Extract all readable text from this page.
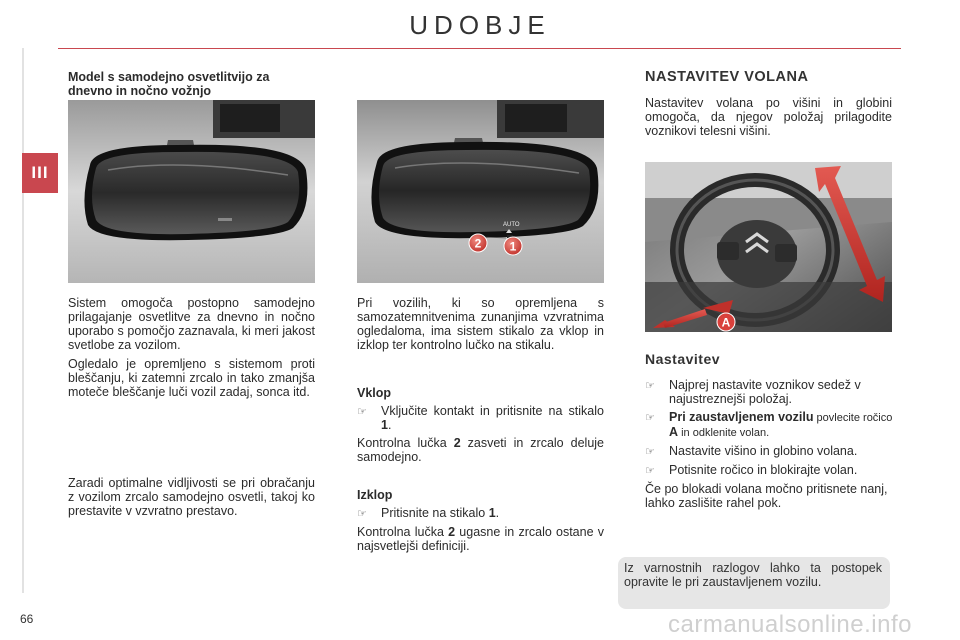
UDOBJE
III
Model s samodejno osvetlitvijo za dnevno in nočno vožnjo

Sistem omogoča postopno samodejno prilagajanje osvetlitve za dnevno in nočno uporabo s pomočjo zaznavala, ki meri jakost svetlobe za vozilom.

Ogledalo je opremljeno s sistemom proti bleščanju, ki zatemni zrcalo in tako zmanjša moteče bleščanje luči vozil zadaj, sonca itd.

Zaradi optimalne vidljivosti se pri obračanju z vozilom zrcalo samodejno osvetli, takoj ko prestavite v vzvratno prestavo.

AUTO
2 1

Pri vozilih, ki so opremljena s samozatemnitvenima zunanjima vzvratnima ogledaloma, ima sistem stikalo za vklop in izklop ter kontrolno lučko na stikalu.

Vklop
☞	Vključite kontakt in pritisnite na stikalo 1.

Kontrolna lučka 2 zasveti in zrcalo deluje samodejno.

Izklop
☞	Pritisnite na stikalo 1.

Kontrolna lučka 2 ugasne in zrcalo ostane v najsvetlejši definiciji.

NASTAVITEV VOLANA

Nastavitev volana po višini in globini omogoča, da njegov položaj prilagodite voznikovi telesni višini.

A
Nastavitev
☞	Najprej nastavite voznikov sedež v najustreznejši položaj.
☞	Pri zaustavljenem vozilu povlecite ročico A in odklenite volan.
☞	Nastavite višino in globino volana.
☞	Potisnite ročico in blokirajte volan.

Če po blokadi volana močno pritisnete nanj, lahko zaslišite rahel pok.

Iz varnostnih razlogov lahko ta postopek opravite le pri zaustavljenem vozilu.
66	carmanualsonline.info
